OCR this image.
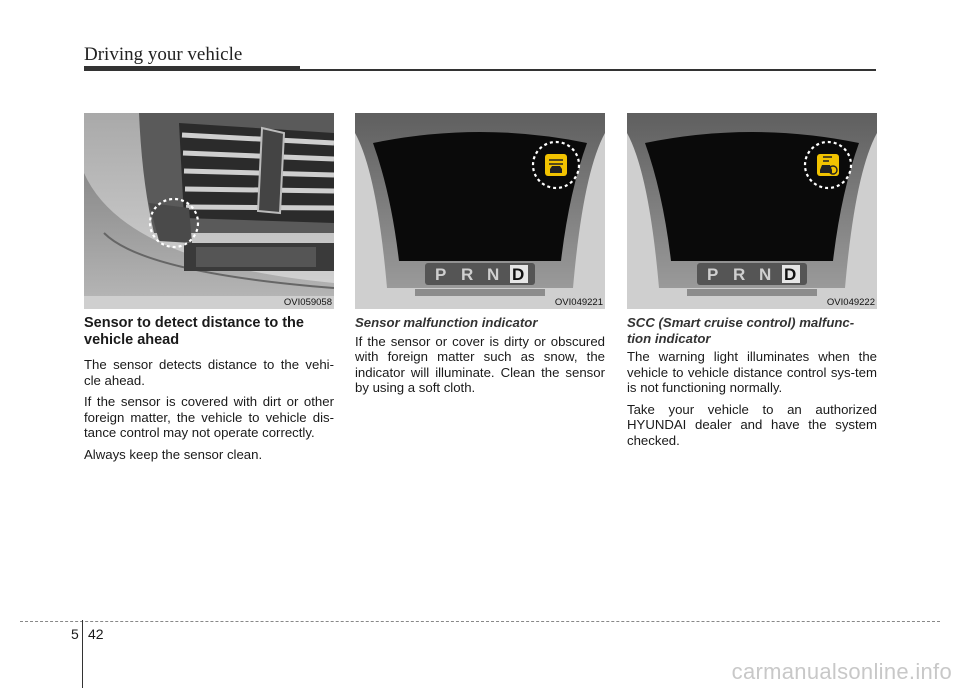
Driving your vehicle
OVI059058
P R N D
OVI049221
P R N D
OVI049222
Sensor to detect distance to the vehicle ahead

The sensor detects distance to the vehi-cle ahead.

If the sensor is covered with dirt or other foreign matter, the vehicle to vehicle dis-tance control may not operate correctly.

Always keep the sensor clean.

Sensor malfunction indicator

If the sensor or cover is dirty or obscured with foreign matter such as snow, the indicator will illuminate. Clean the sensor by using a soft cloth.

SCC (Smart cruise control) malfunc-tion indicator

The warning light illuminates when the vehicle to vehicle distance control sys-tem is not functioning normally.

Take your vehicle to an authorized HYUNDAI dealer and have the system checked.

5 42
carmanualsonline.info
